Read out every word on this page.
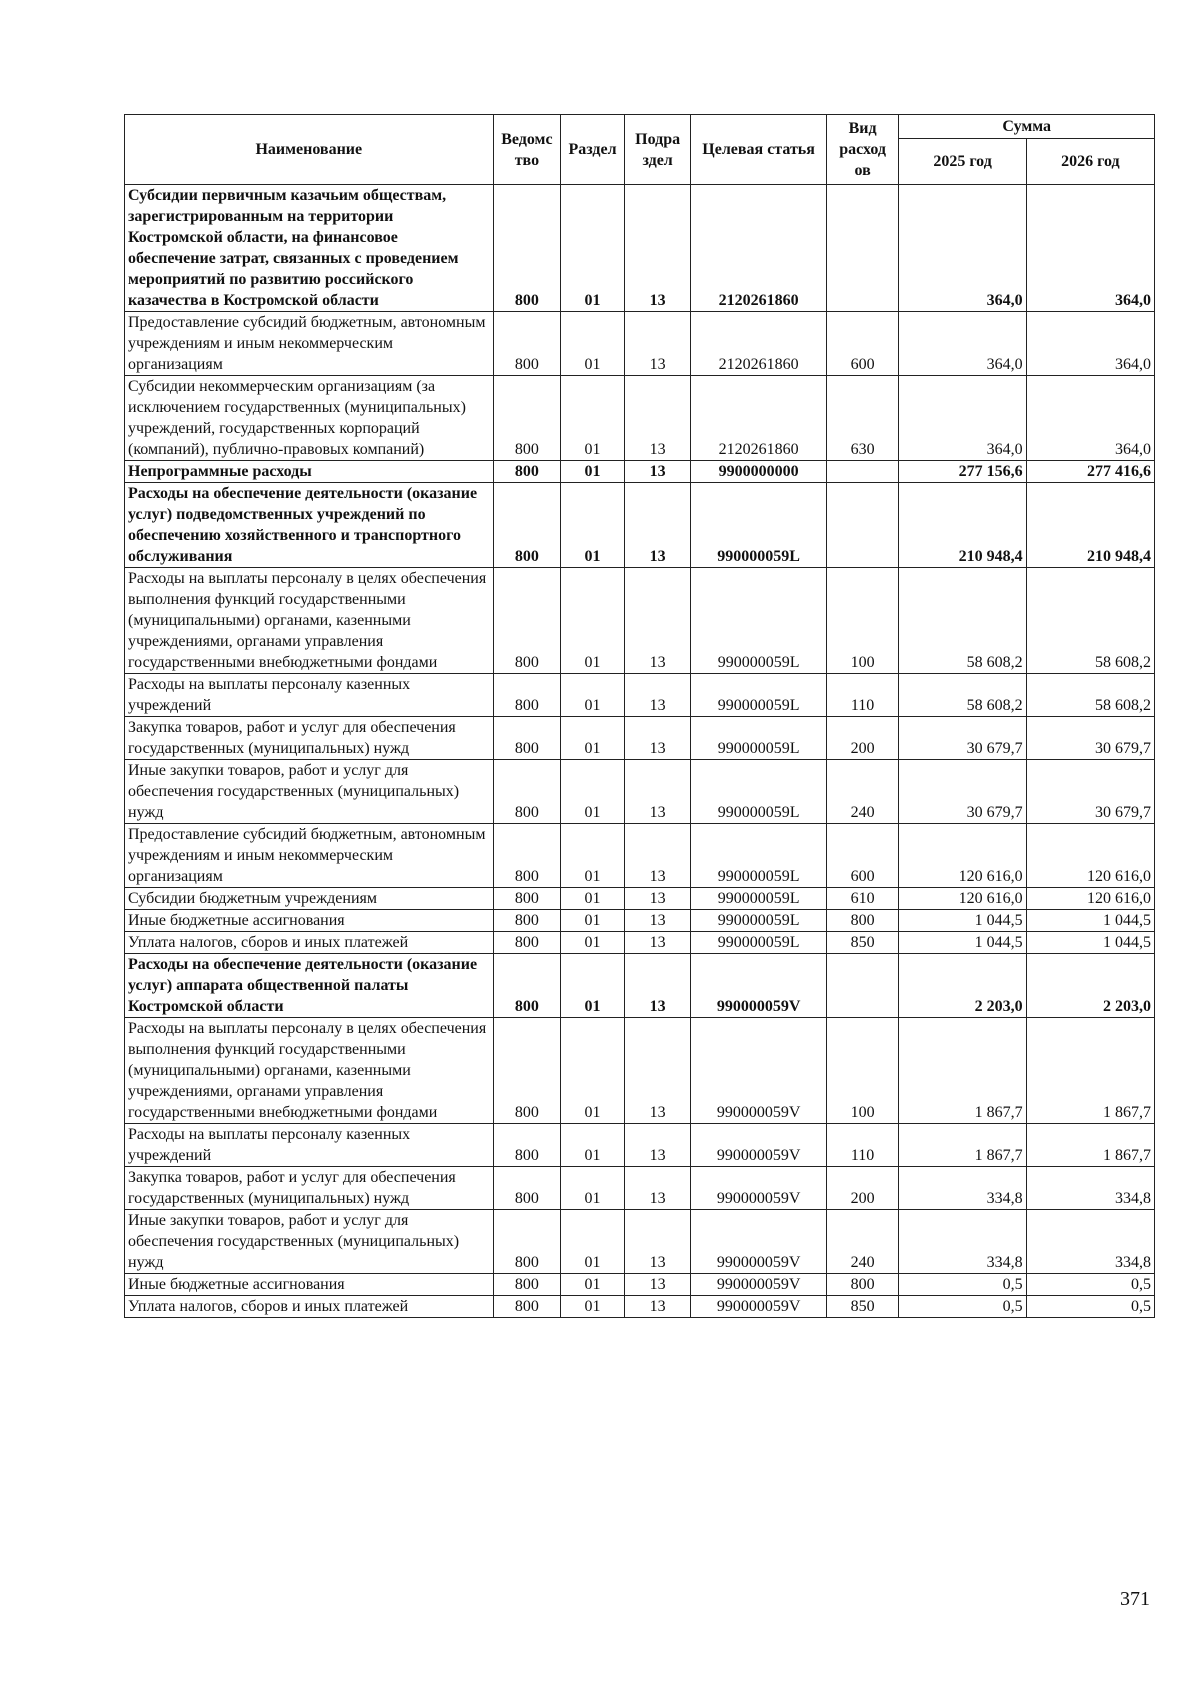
Наименование	Ведомс тво	Раздел	Подра здел	Целевая статья	Вид расход ов	Сумма	
						2025 год	2026 год
Субсидии первичным казачьим обществам, зарегистрированным на территории Костромской области, на финансовое обеспечение затрат, связанных с проведением мероприятий по развитию российского казачества в Костромской области	800	01	13	2120261860		364,0	364,0
Предоставление субсидий бюджетным, автономным учреждениям и иным некоммерческим организациям	800	01	13	2120261860	600	364,0	364,0
Субсидии некоммерческим организациям (за исключением государственных (муниципальных) учреждений, государственных корпораций (компаний), публично-правовых компаний)	800	01	13	2120261860	630	364,0	364,0
Непрограммные расходы	800	01	13	9900000000		277 156,6	277 416,6
Расходы на обеспечение деятельности (оказание услуг) подведомственных учреждений по обеспечению хозяйственного и транспортного обслуживания	800	01	13	990000059L		210 948,4	210 948,4
Расходы на выплаты персоналу в целях обеспечения выполнения функций государственными (муниципальными) органами, казенными учреждениями, органами управления государственными внебюджетными фондами	800	01	13	990000059L	100	58 608,2	58 608,2
Расходы на выплаты персоналу казенных учреждений	800	01	13	990000059L	110	58 608,2	58 608,2
Закупка товаров, работ и услуг для обеспечения государственных (муниципальных) нужд	800	01	13	990000059L	200	30 679,7	30 679,7
Иные закупки товаров, работ и услуг для обеспечения государственных (муниципальных) нужд	800	01	13	990000059L	240	30 679,7	30 679,7
Предоставление субсидий бюджетным, автономным учреждениям и иным некоммерческим организациям	800	01	13	990000059L	600	120 616,0	120 616,0
Субсидии бюджетным учреждениям	800	01	13	990000059L	610	120 616,0	120 616,0
Иные бюджетные ассигнования	800	01	13	990000059L	800	1 044,5	1 044,5
Уплата налогов, сборов и иных платежей	800	01	13	990000059L	850	1 044,5	1 044,5
Расходы на обеспечение деятельности (оказание услуг) аппарата общественной палаты Костромской области	800	01	13	990000059V		2 203,0	2 203,0
Расходы на выплаты персоналу в целях обеспечения выполнения функций государственными (муниципальными) органами, казенными учреждениями, органами управления государственными внебюджетными фондами	800	01	13	990000059V	100	1 867,7	1 867,7
Расходы на выплаты персоналу казенных учреждений	800	01	13	990000059V	110	1 867,7	1 867,7
Закупка товаров, работ и услуг для обеспечения государственных (муниципальных) нужд	800	01	13	990000059V	200	334,8	334,8
Иные закупки товаров, работ и услуг для обеспечения государственных (муниципальных) нужд	800	01	13	990000059V	240	334,8	334,8
Иные бюджетные ассигнования	800	01	13	990000059V	800	0,5	0,5
Уплата налогов, сборов и иных платежей	800	01	13	990000059V	850	0,5	0,5
371
